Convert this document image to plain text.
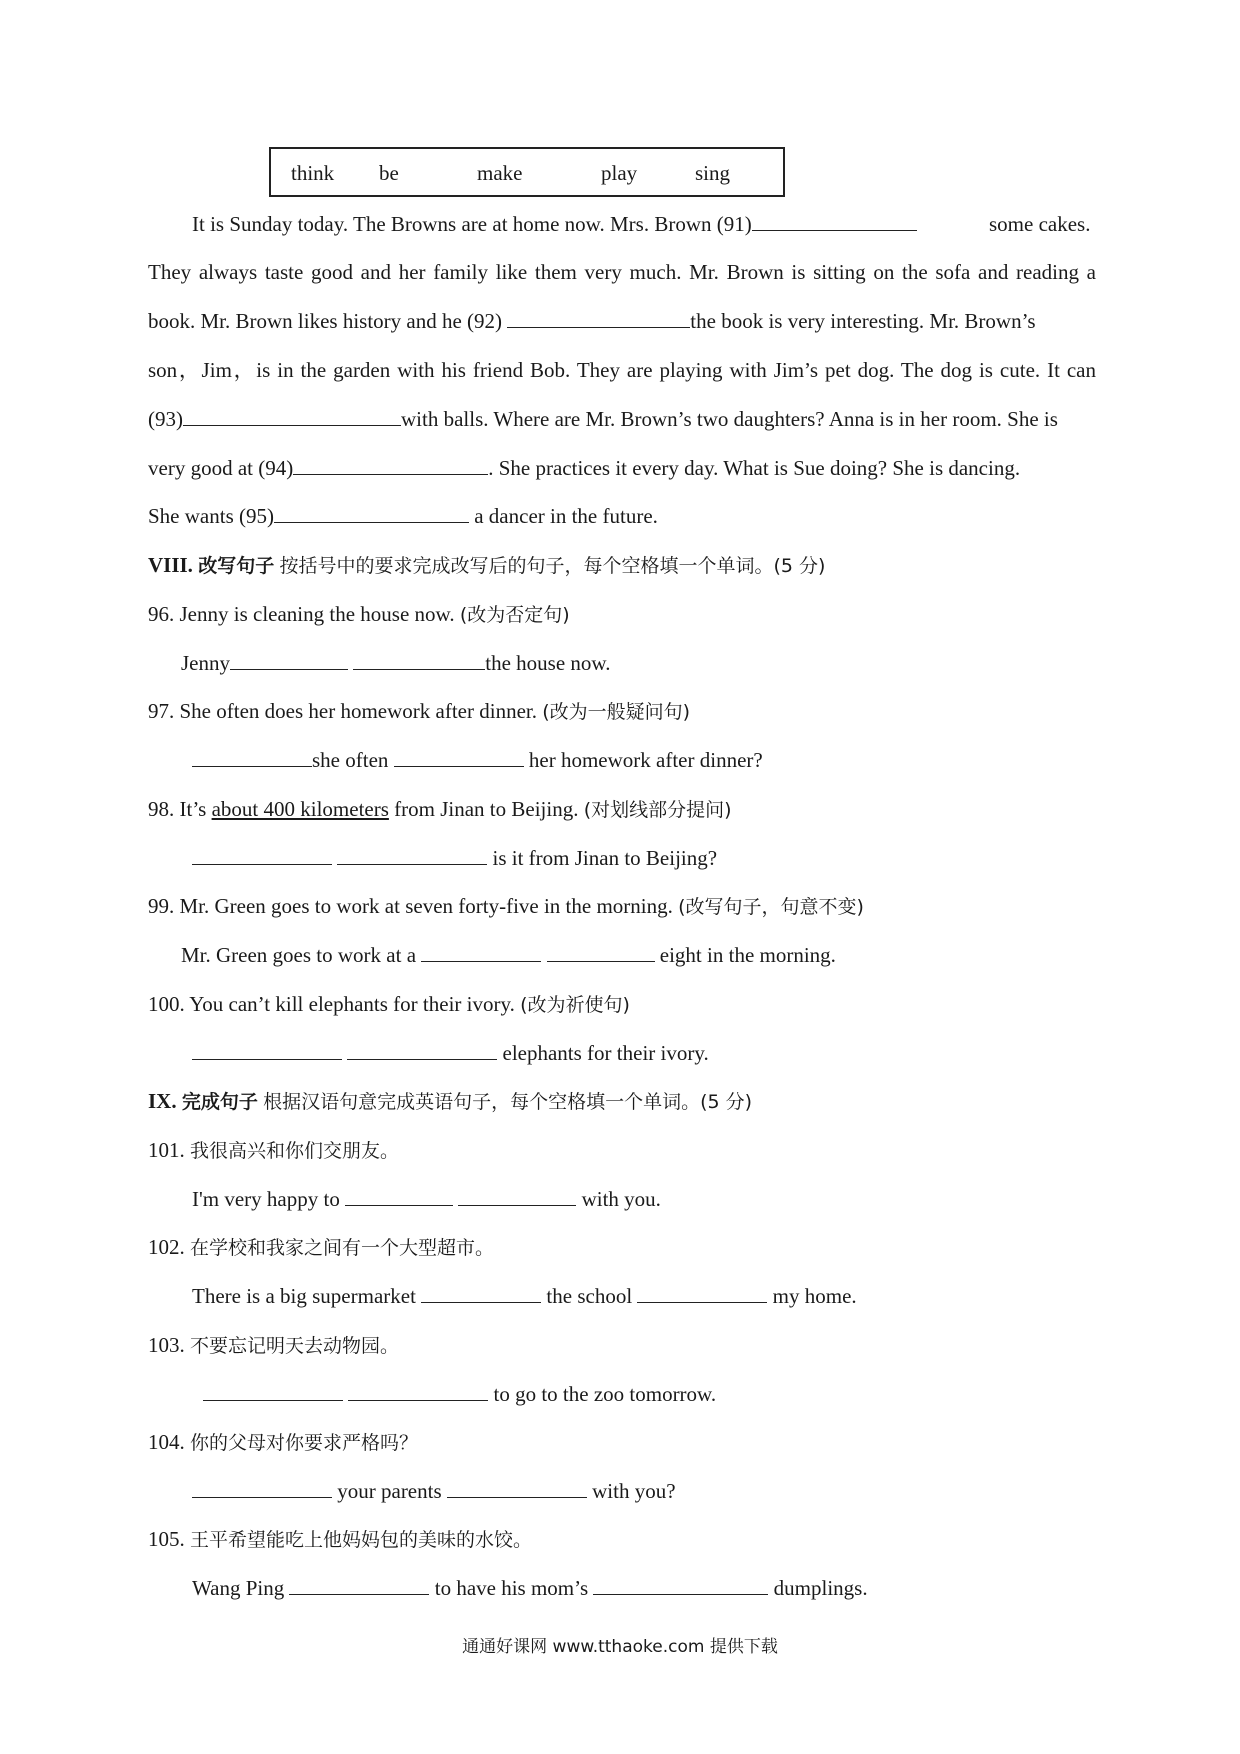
think be	make	play	sing
It is Sunday today. The Browns are at home now. Mrs. Brown (91)	some cakes.
They always taste good and her family like them very much. Mr. Brown is sitting on the sofa and reading a
book. Mr. Brown likes history and he (92)	the book is very interesting. Mr. Brown’s
son，Jim，is in the garden with his friend Bob. They are playing with Jim’s pet dog. The dog is cute. It can
(93)	with balls. Where are Mr. Brown’s two daughters? Anna is in her room. She is
very good at (94)	. She practices it every day. What is Sue doing? She is dancing.
She wants (95)	a dancer in the future.
VIII. 改写句子 按括号中的要求完成改写后的句子，每个空格填一个单词。(5 分)
96. Jenny is cleaning the house now. (改为否定句)
Jenny	the house now.
97. She often does her homework after dinner. (改为一般疑问句)
she often	her homework after dinner?
98. It’s about 400 kilometers from Jinan to Beijing. (对划线部分提问)
is it from Jinan to Beijing?
99. Mr. Green goes to work at seven forty-five in the morning. (改写句子，句意不变)
Mr. Green goes to work at a	eight in the morning.
100. You can’t kill elephants for their ivory. (改为祈使句)
elephants for their ivory.
IX. 完成句子 根据汉语句意完成英语句子，每个空格填一个单词。(5 分)
101. 我很高兴和你们交朋友。
I'm very happy to	with you.
102. 在学校和我家之间有一个大型超市。
There is a big supermarket	the school	my home.
103. 不要忘记明天去动物园。
to go to the zoo tomorrow.
104. 你的父母对你要求严格吗？
your parents	with you?
105. 王平希望能吃上他妈妈包的美味的水饺。
Wang Ping	to have his mom’s	dumplings.
通通好课网 www.tthaoke.com 提供下载
